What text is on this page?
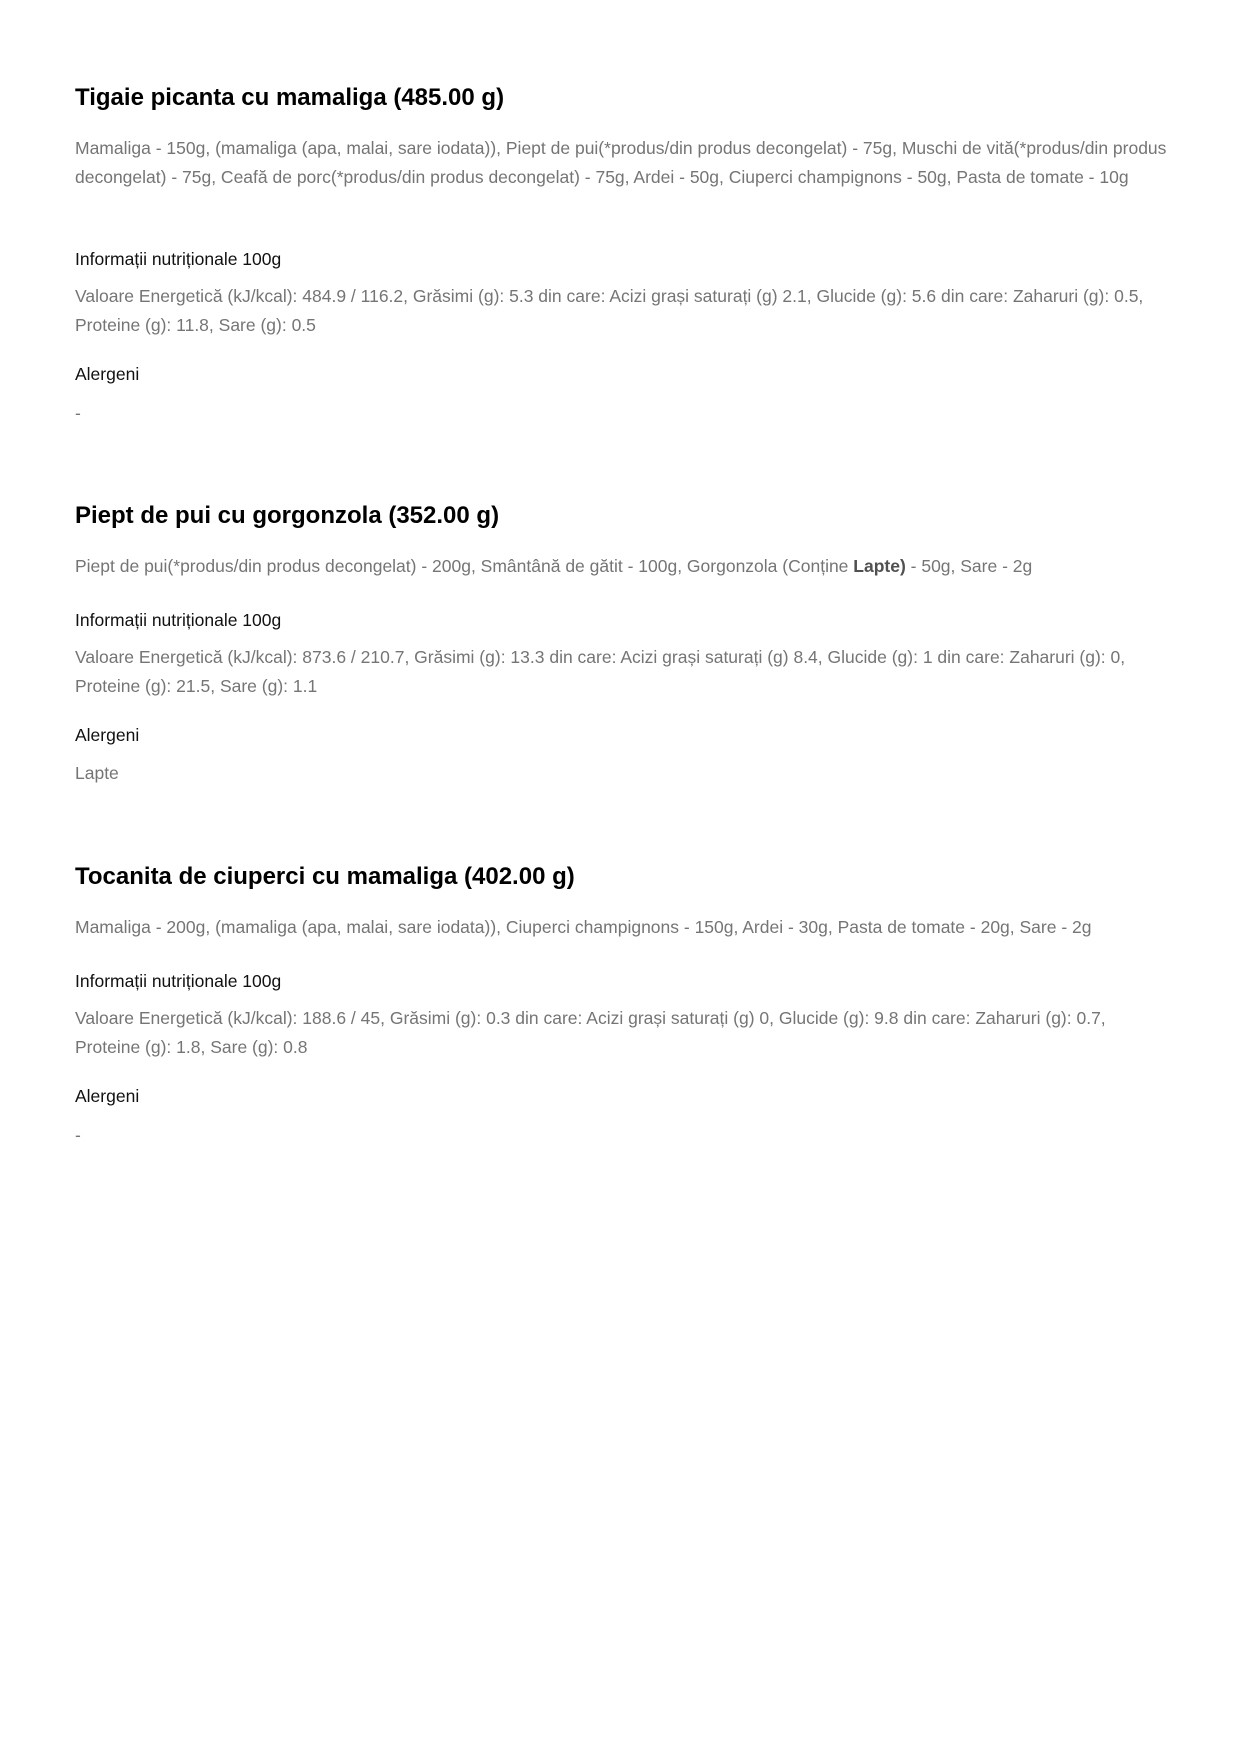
Tigaie picanta cu mamaliga (485.00 g)

Mamaliga - 150g, (mamaliga (apa, malai, sare iodata)), Piept de pui(*produs/din produs decongelat) - 75g, Muschi de vită(*produs/din produs decongelat) - 75g, Ceafă de porc(*produs/din produs decongelat) - 75g, Ardei - 50g, Ciuperci champignons - 50g, Pasta de tomate - 10g

Informații nutriționale 100g

Valoare Energetică (kJ/kcal): 484.9 / 116.2, Grăsimi (g): 5.3 din care: Acizi grași saturați (g) 2.1, Glucide (g): 5.6 din care: Zaharuri (g): 0.5, Proteine (g): 11.8, Sare (g): 0.5

Alergeni

-

Piept de pui cu gorgonzola (352.00 g)

Piept de pui(*produs/din produs decongelat) - 200g, Smântână de gătit - 100g, Gorgonzola (Conține Lapte) - 50g, Sare - 2g

Informații nutriționale 100g

Valoare Energetică (kJ/kcal): 873.6 / 210.7, Grăsimi (g): 13.3 din care: Acizi grași saturați (g) 8.4, Glucide (g): 1 din care: Zaharuri (g): 0, Proteine (g): 21.5, Sare (g): 1.1

Alergeni

Lapte

Tocanita de ciuperci cu mamaliga (402.00 g)

Mamaliga - 200g, (mamaliga (apa, malai, sare iodata)), Ciuperci champignons - 150g, Ardei - 30g, Pasta de tomate - 20g, Sare - 2g

Informații nutriționale 100g

Valoare Energetică (kJ/kcal): 188.6 / 45, Grăsimi (g): 0.3 din care: Acizi grași saturați (g) 0, Glucide (g): 9.8 din care: Zaharuri (g): 0.7, Proteine (g): 1.8, Sare (g): 0.8

Alergeni

-
